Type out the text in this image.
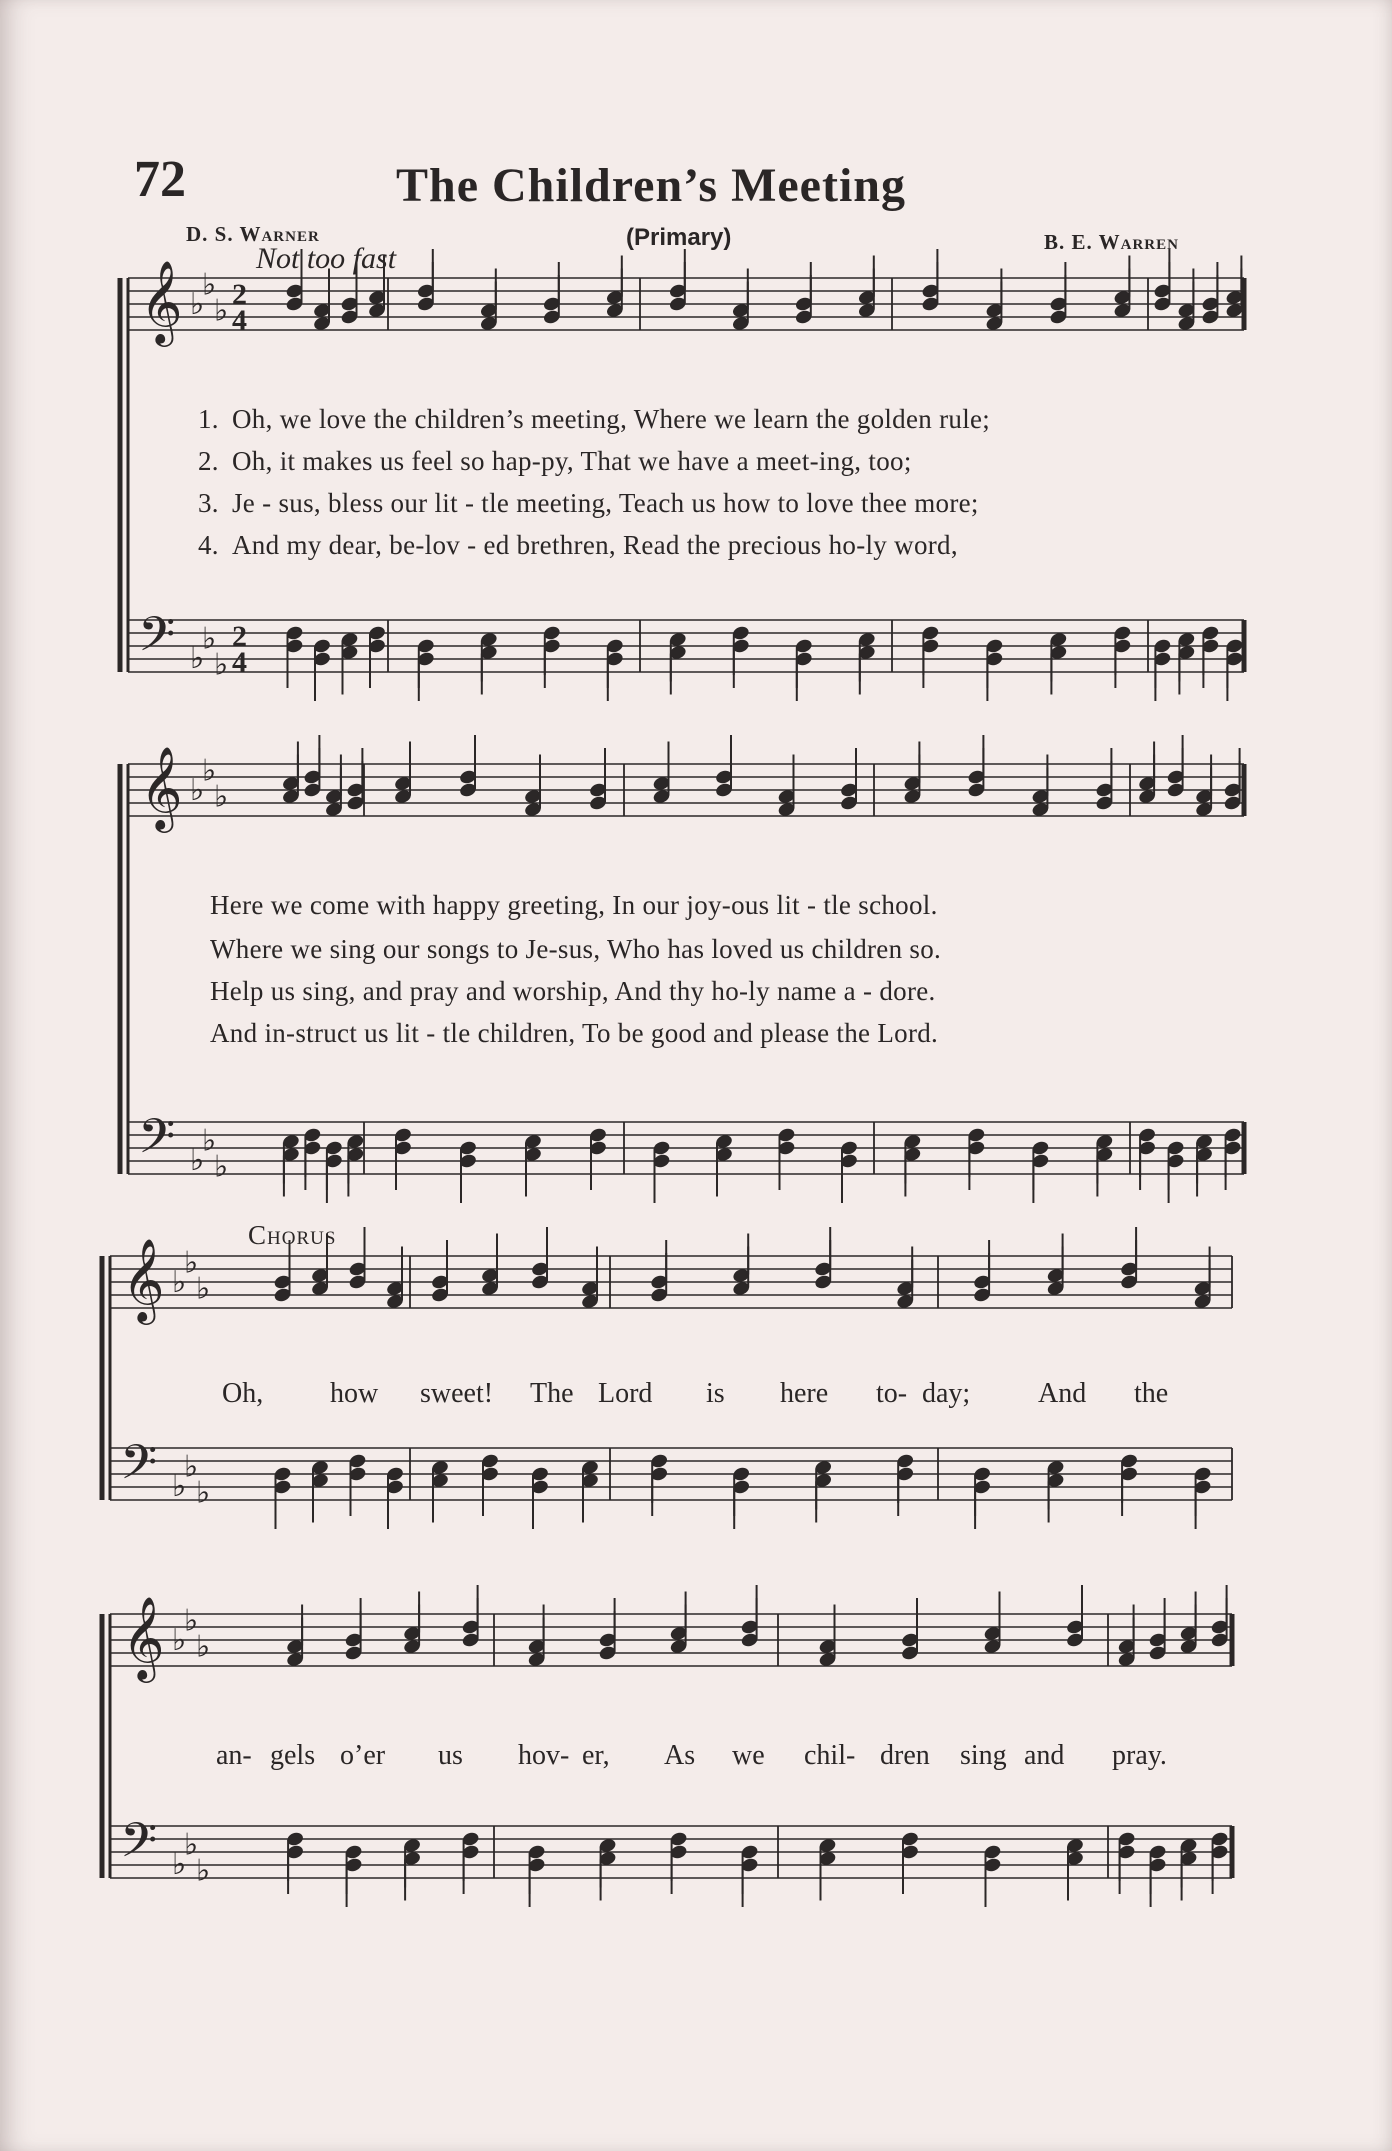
72	The Children’s Meeting
D. S. Warner	(Primary)	B. E. Warren
Not too fast
𝄞
𝄢
♭
♭
♭
♭
♭
♭
2
4
2
4
𝄞
𝄢
♭
♭
♭
♭
♭
♭
𝄞
𝄢
♭
♭
♭
♭
♭
♭
𝄞
𝄢
♭
♭
♭
♭
♭
♭
1. Oh, we love the children’s meeting, Where we learn the golden rule;
2. Oh, it makes us feel so hap-py, That we have a meet-ing, too;
3. Je - sus, bless our lit - tle meeting, Teach us how to love thee more;
4. And my dear, be-lov - ed brethren, Read the precious ho-ly word,
Here we come with happy greeting, In our joy-ous lit - tle school.
Where we sing our songs to Je-sus, Who has loved us children so.
Help us sing, and pray and worship, And thy ho-ly name a - dore.
And in-struct us lit - tle children, To be good and please the Lord.
Chorus
Oh, how sweet! The Lord is here to- day; And the
an- gels o’er us hov- er, As we chil- dren sing and pray.
